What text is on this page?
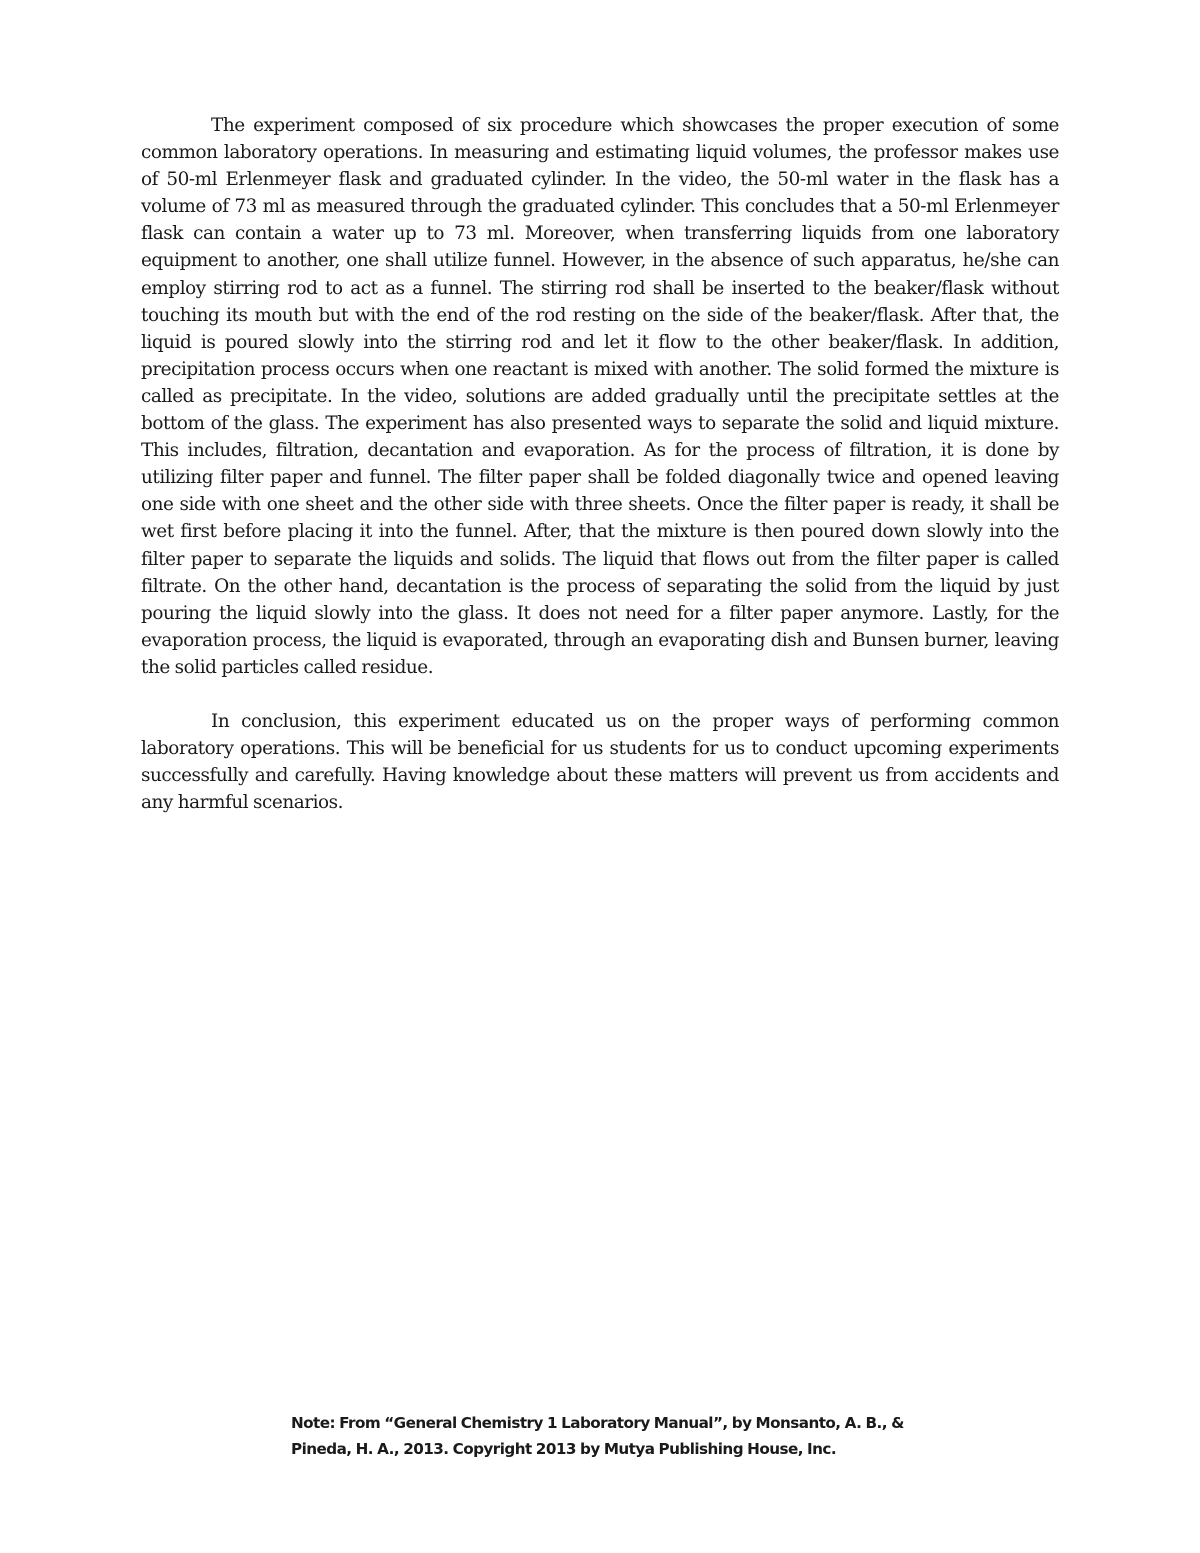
The experiment composed of six procedure which showcases the proper execution of some common laboratory operations. In measuring and estimating liquid volumes, the professor makes use of 50-ml Erlenmeyer flask and graduated cylinder. In the video, the 50-ml water in the flask has a volume of 73 ml as measured through the graduated cylinder. This concludes that a 50-ml Erlenmeyer flask can contain a water up to 73 ml. Moreover, when transferring liquids from one laboratory equipment to another, one shall utilize funnel. However, in the absence of such apparatus, he/she can employ stirring rod to act as a funnel. The stirring rod shall be inserted to the beaker/flask without touching its mouth but with the end of the rod resting on the side of the beaker/flask. After that, the liquid is poured slowly into the stirring rod and let it flow to the other beaker/flask. In addition, precipitation process occurs when one reactant is mixed with another. The solid formed the mixture is called as precipitate. In the video, solutions are added gradually until the precipitate settles at the bottom of the glass. The experiment has also presented ways to separate the solid and liquid mixture. This includes, filtration, decantation and evaporation. As for the process of filtration, it is done by utilizing filter paper and funnel. The filter paper shall be folded diagonally twice and opened leaving one side with one sheet and the other side with three sheets. Once the filter paper is ready, it shall be wet first before placing it into the funnel. After, that the mixture is then poured down slowly into the filter paper to separate the liquids and solids. The liquid that flows out from the filter paper is called filtrate. On the other hand, decantation is the process of separating the solid from the liquid by just pouring the liquid slowly into the glass. It does not need for a filter paper anymore. Lastly, for the evaporation process, the liquid is evaporated, through an evaporating dish and Bunsen burner, leaving the solid particles called residue.

In conclusion, this experiment educated us on the proper ways of performing common laboratory operations. This will be beneficial for us students for us to conduct upcoming experiments successfully and carefully. Having knowledge about these matters will prevent us from accidents and any harmful scenarios.

Note: From “General Chemistry 1 Laboratory Manual”, by Monsanto, A. B., &
Pineda, H. A., 2013. Copyright 2013 by Mutya Publishing House, Inc.
